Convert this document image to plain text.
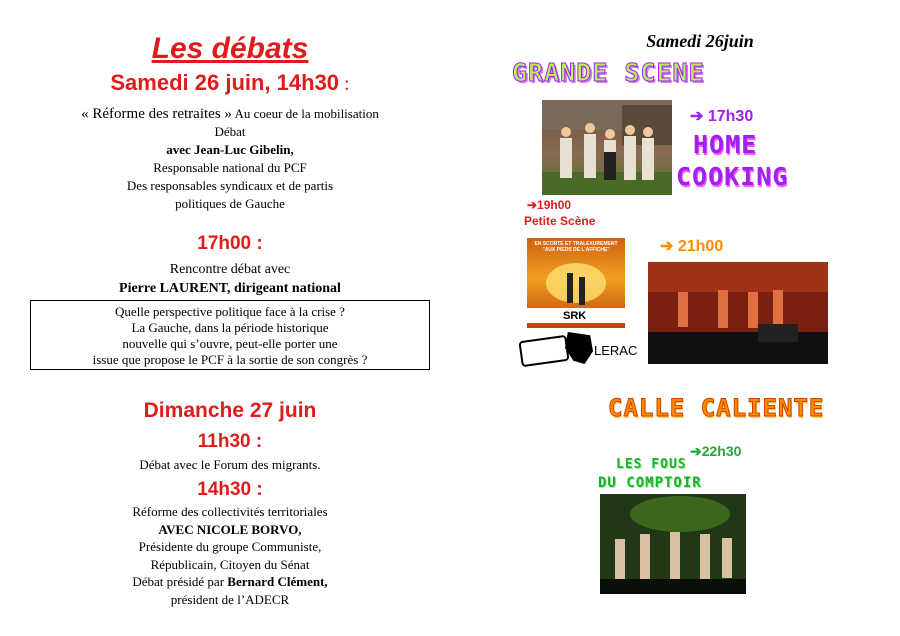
Les débats
Samedi 26 juin, 14h30 :
« Réforme des retraites » Au coeur de la mobilisation
Débat
avec Jean-Luc Gibelin,
Responsable national du PCF
Des responsables syndicaux et de partis
politiques de Gauche
17h00 :
Rencontre débat avec
Pierre LAURENT, dirigeant national
Quelle perspective politique face à la crise ?
La Gauche, dans la période historique
nouvelle qui s’ouvre, peut-elle porter une
issue que propose le PCF à la sortie de son congrès ?
Dimanche 27 juin
11h30 :
Débat avec le Forum des migrants.
14h30 :
Réforme des collectivités territoriales
AVEC NICOLE BORVO,
Présidente du groupe Communiste,
Républicain, Citoyen du Sénat
Débat présidé par Bernard Clément,
président de l’ADECR
Samedi 26juin
GRANDE SCENE
➔ 17h30
HOME
COOKING
➔19h00
Petite Scène
EN SCORTE ET TRALEXUREMENT
"AUX PIEDS DE L'AFFICHE"
SRK
LERAC
➔ 21h00
CALLE CALIENTE
➔22h30
LES FOUS
DU COMPTOIR
